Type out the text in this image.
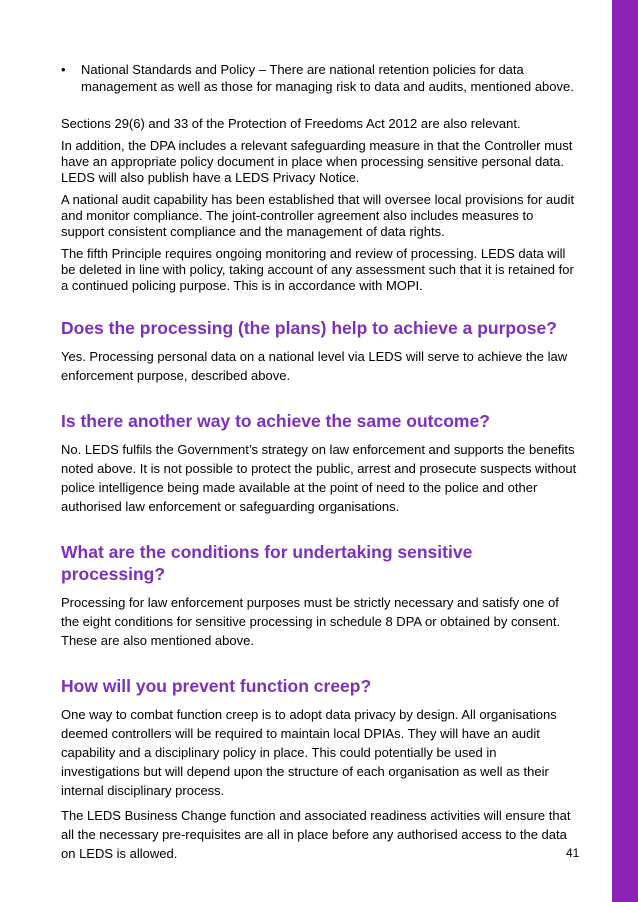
• National Standards and Policy – There are national retention policies for data management as well as those for managing risk to data and audits, mentioned above.

Sections 29(6) and 33 of the Protection of Freedoms Act 2012 are also relevant.

In addition, the DPA includes a relevant safeguarding measure in that the Controller must have an appropriate policy document in place when processing sensitive personal data. LEDS will also publish have a LEDS Privacy Notice.

A national audit capability has been established that will oversee local provisions for audit and monitor compliance. The joint-controller agreement also includes measures to support consistent compliance and the management of data rights.

The fifth Principle requires ongoing monitoring and review of processing. LEDS data will be deleted in line with policy, taking account of any assessment such that it is retained for a continued policing purpose. This is in accordance with MOPI.

Does the processing (the plans) help to achieve a purpose?

Yes. Processing personal data on a national level via LEDS will serve to achieve the law enforcement purpose, described above.

Is there another way to achieve the same outcome?

No. LEDS fulfils the Government’s strategy on law enforcement and supports the benefits noted above. It is not possible to protect the public, arrest and prosecute suspects without police intelligence being made available at the point of need to the police and other authorised law enforcement or safeguarding organisations.

What are the conditions for undertaking sensitive processing?

Processing for law enforcement purposes must be strictly necessary and satisfy one of the eight conditions for sensitive processing in schedule 8 DPA or obtained by consent. These are also mentioned above.

How will you prevent function creep?

One way to combat function creep is to adopt data privacy by design. All organisations deemed controllers will be required to maintain local DPIAs. They will have an audit capability and a disciplinary policy in place. This could potentially be used in investigations but will depend upon the structure of each organisation as well as their internal disciplinary process.

The LEDS Business Change function and associated readiness activities will ensure that all the necessary pre-requisites are all in place before any authorised access to the data on LEDS is allowed.	41
